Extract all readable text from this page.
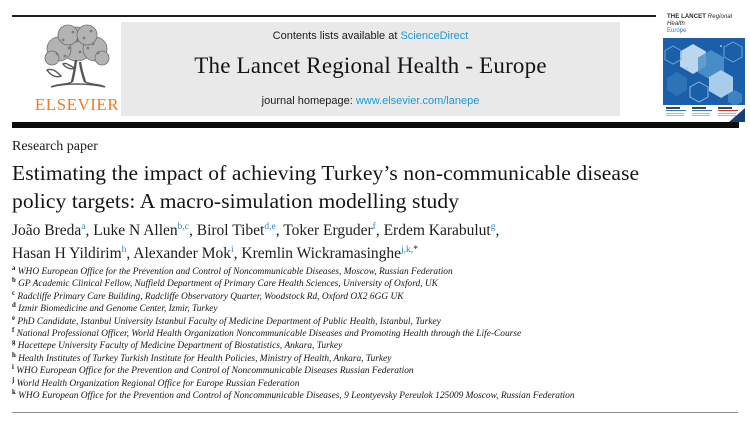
ELSEVIER
Contents lists available at ScienceDirect
The Lancet Regional Health - Europe
journal homepage: www.elsevier.com/lanepe
THE LANCET Regional Health
Europe
Research paper
Estimating the impact of achieving Turkey’s non-communicable disease policy targets: A macro-simulation modelling study
João Breda$^a$, Luke N Allen$^{b,c}$, Birol Tibet$^{d,e}$, Toker Erguder$^f$, Erdem Karabulut$^g$,
Hasan H Yildirim$^h$, Alexander Mok$^i$, Kremlin Wickramasinghe$^{j,k,*}$
$^a$ WHO European Office for the Prevention and Control of Noncommunicable Diseases, Moscow, Russian Federation
$^b$ GP Academic Clinical Fellow, Nuffield Department of Primary Care Health Sciences, University of Oxford, UK
$^c$ Radcliffe Primary Care Building, Radcliffe Observatory Quarter, Woodstock Rd, Oxford OX2 6GG UK
$^d$ Izmir Biomedicine and Genome Center, Izmir, Turkey
$^e$ PhD Candidate, Istanbul University Istanbul Faculty of Medicine Department of Public Health, Istanbul, Turkey
$^f$ National Professional Officer, World Health Organization Noncommunicable Diseases and Promoting Health through the Life-Course
$^g$ Hacettepe University Faculty of Medicine Department of Biostatistics, Ankara, Turkey
$^h$ Health Institutes of Turkey Turkish Institute for Health Policies, Ministry of Health, Ankara, Turkey
$^i$ WHO European Office for the Prevention and Control of Noncommunicable Diseases Russian Federation
$^j$ World Health Organization Regional Office for Europe Russian Federation
$^k$ WHO European Office for the Prevention and Control of Noncommunicable Diseases, 9 Leontyevsky Pereulok 125009 Moscow, Russian Federation
